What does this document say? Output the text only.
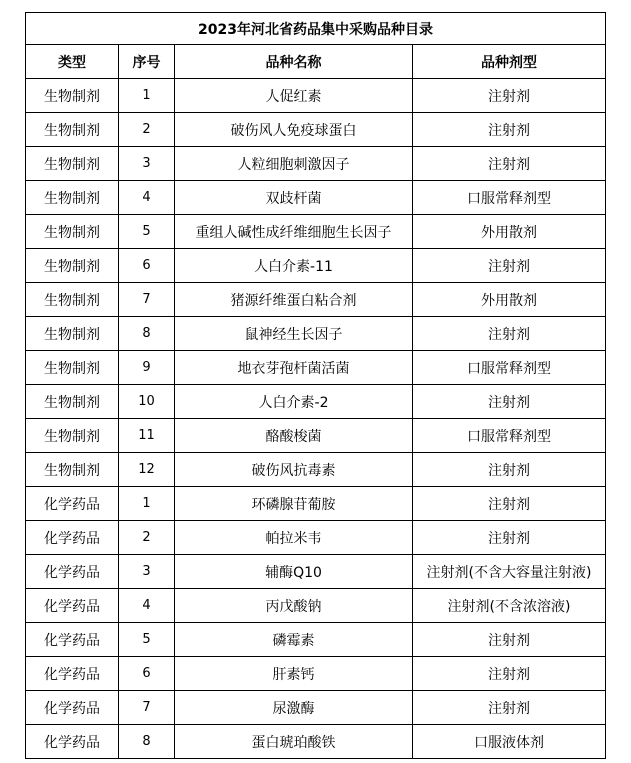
2023年河北省药品集中采购品种目录			
类型	序号	品种名称	品种剂型
生物制剂	1	人促红素	注射剂
生物制剂	2	破伤风人免疫球蛋白	注射剂
生物制剂	3	人粒细胞刺激因子	注射剂
生物制剂	4	双歧杆菌	口服常释剂型
生物制剂	5	重组人碱性成纤维细胞生长因子	外用散剂
生物制剂	6	人白介素-11	注射剂
生物制剂	7	猪源纤维蛋白粘合剂	外用散剂
生物制剂	8	鼠神经生长因子	注射剂
生物制剂	9	地衣芽孢杆菌活菌	口服常释剂型
生物制剂	10	人白介素-2	注射剂
生物制剂	11	酪酸梭菌	口服常释剂型
生物制剂	12	破伤风抗毒素	注射剂
化学药品	1	环磷腺苷葡胺	注射剂
化学药品	2	帕拉米韦	注射剂
化学药品	3	辅酶Q10	注射剂(不含大容量注射液)
化学药品	4	丙戊酸钠	注射剂(不含浓溶液)
化学药品	5	磷霉素	注射剂
化学药品	6	肝素钙	注射剂
化学药品	7	尿激酶	注射剂
化学药品	8	蛋白琥珀酸铁	口服液体剂
